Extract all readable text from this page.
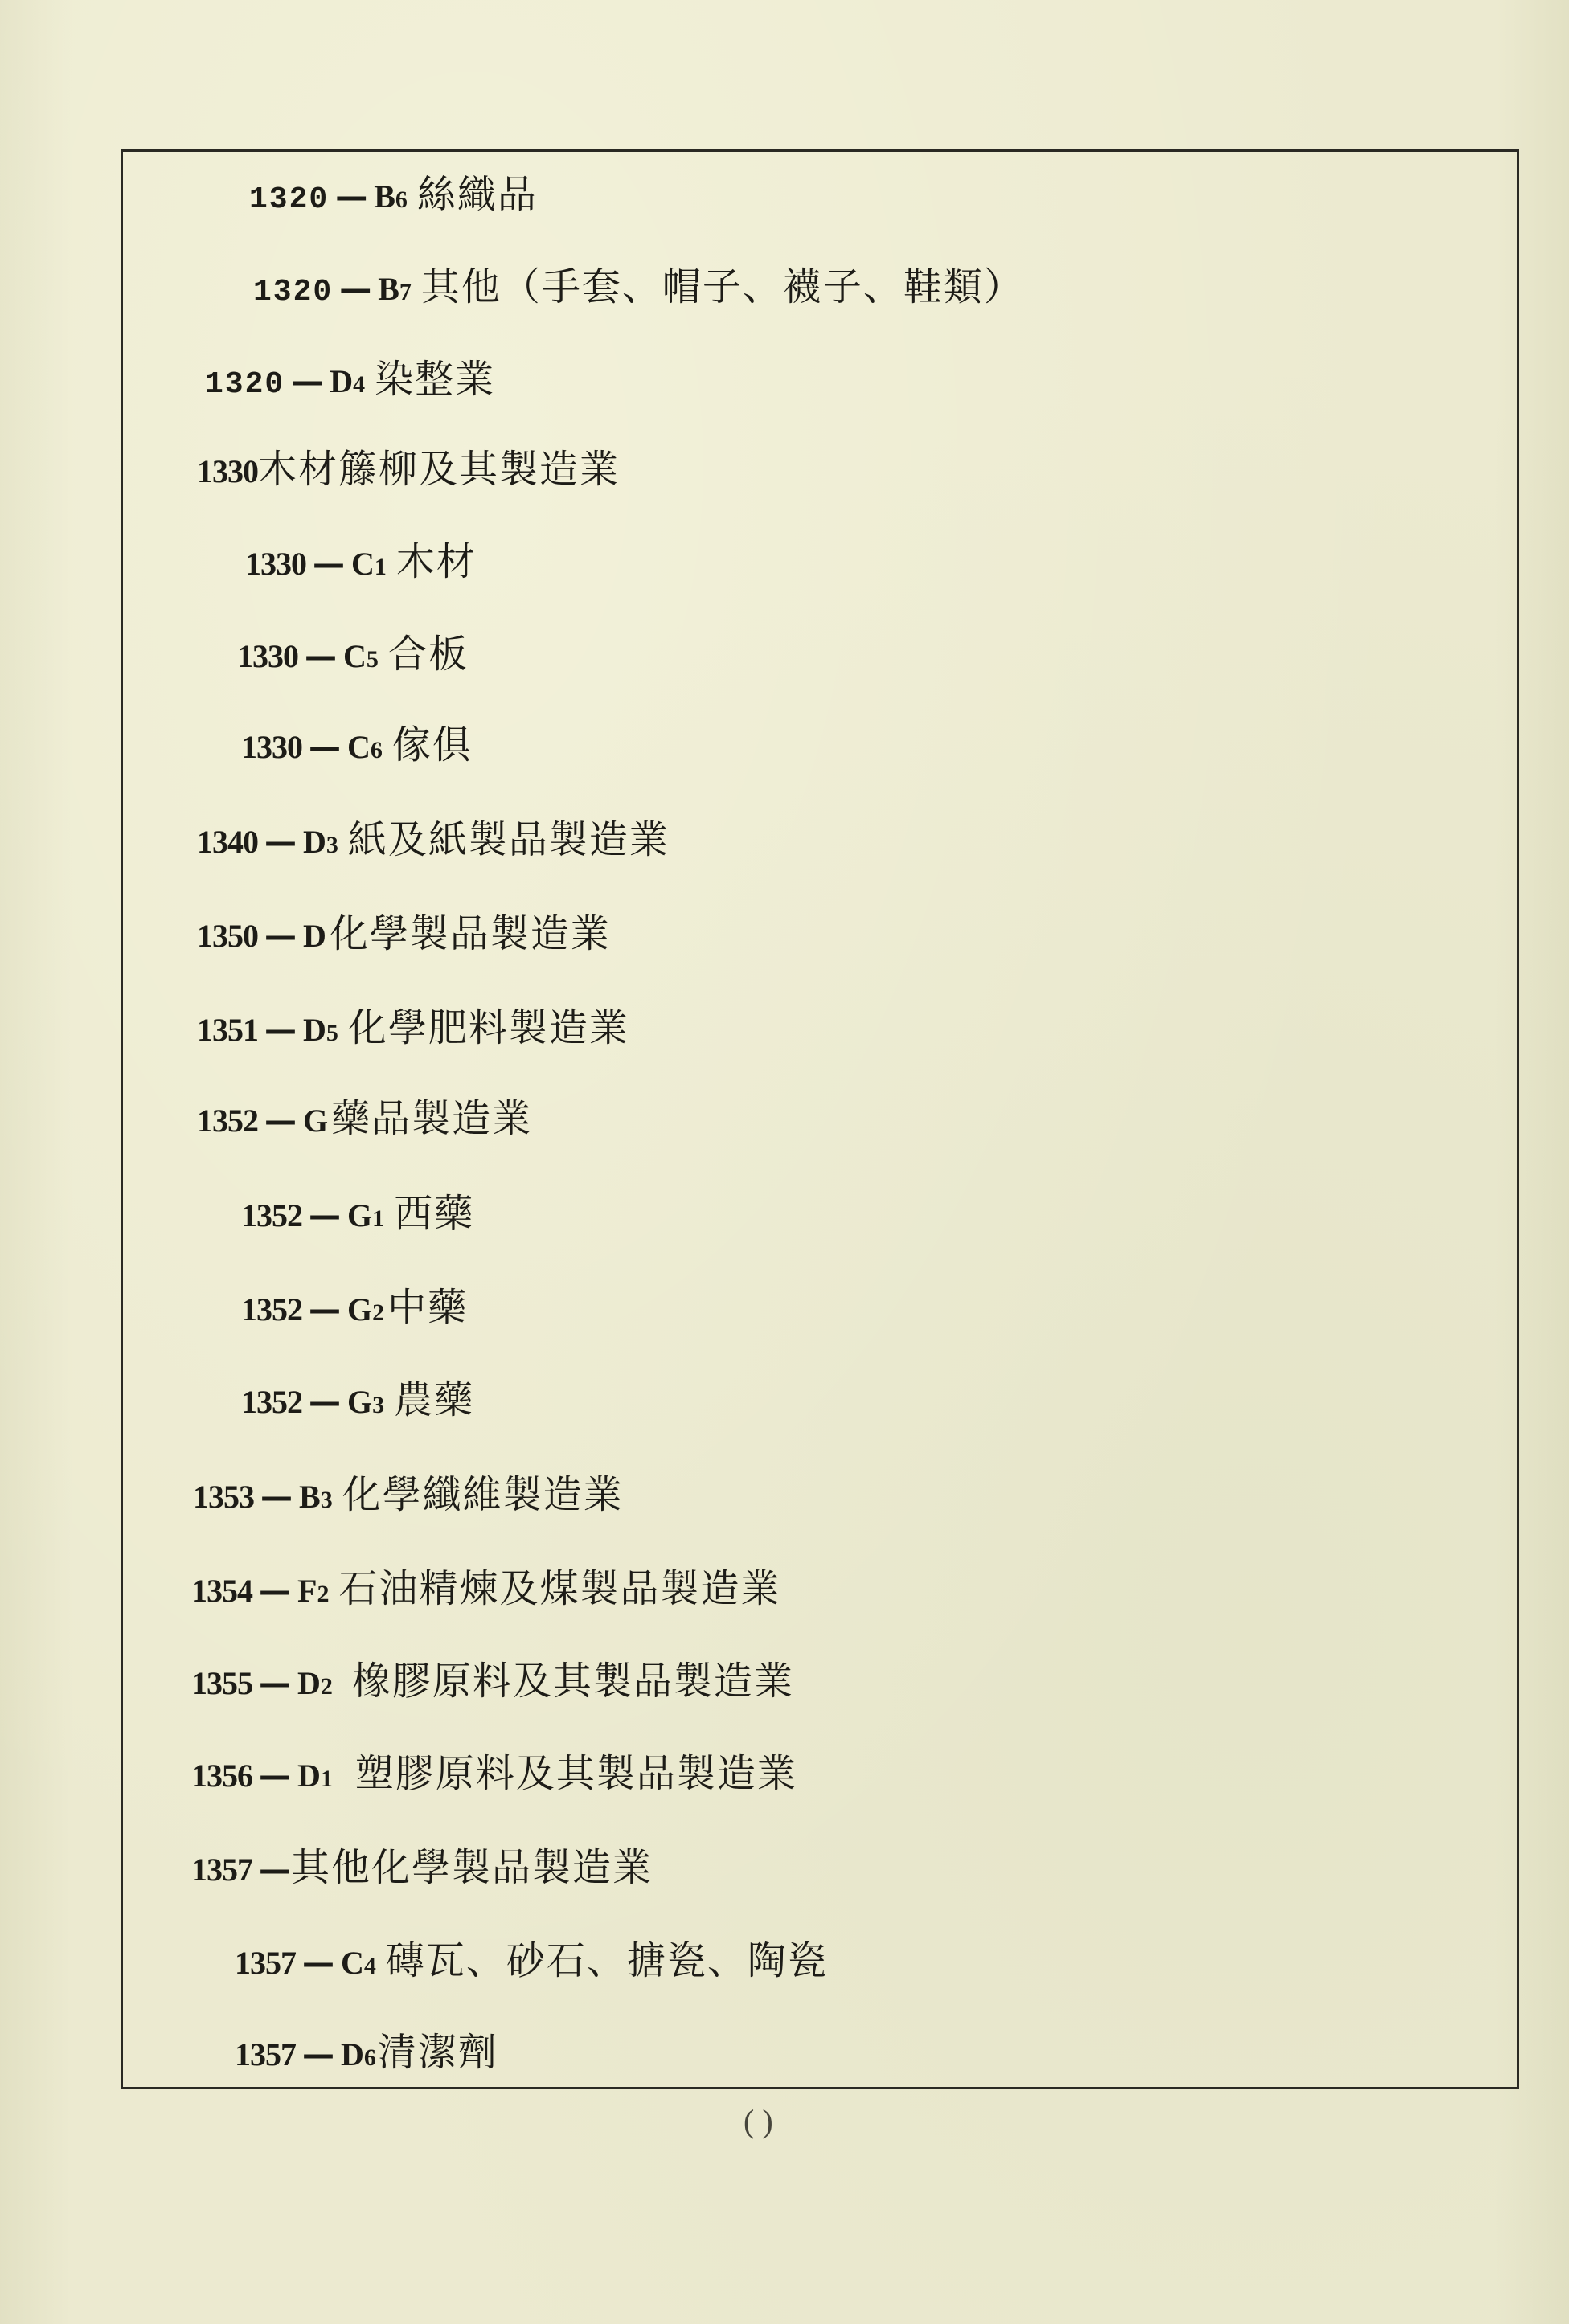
1320 — B6 絲織品
1320 — B7 其他（手套、帽子、襪子、鞋類）
1320 — D4 染整業
1330 木材籐柳及其製造業
1330 — C1 木材
1330 — C5 合板
1330 — C6 傢俱
1340 — D3 紙及紙製品製造業
1350 — D 化學製品製造業
1351 — D5 化學肥料製造業
1352 — G 藥品製造業
1352 — G1 西藥
1352 — G2 中藥
1352 — G3 農藥
1353 — B3 化學纖維製造業
1354 — F2 石油精煉及煤製品製造業
1355 — D2 橡膠原料及其製品製造業
1356 — D1 塑膠原料及其製品製造業
1357 — 其他化學製品製造業
1357 — C4 磚瓦、砂石、搪瓷、陶瓷
1357 — D6 清潔劑
( )
